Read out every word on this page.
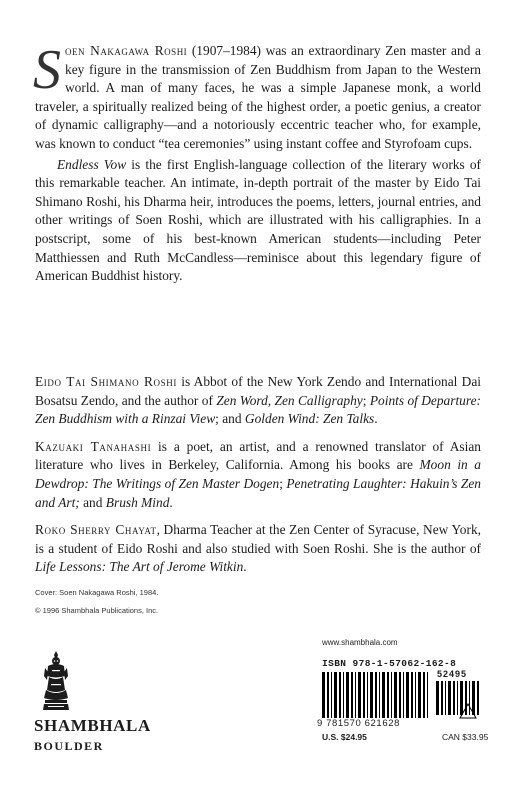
Soen Nakagawa Roshi (1907–1984) was an extraordinary Zen master and a key figure in the transmission of Zen Buddhism from Japan to the Western world. A man of many faces, he was a simple Japanese monk, a world traveler, a spiritually realized being of the highest order, a poetic genius, a creator of dynamic calligraphy—and a notoriously eccentric teacher who, for example, was known to conduct “tea ceremonies” using instant coffee and Styrofoam cups.

Endless Vow is the first English-language collection of the literary works of this remarkable teacher. An intimate, in-depth portrait of the master by Eido Tai Shimano Roshi, his Dharma heir, introduces the poems, letters, journal entries, and other writings of Soen Roshi, which are illustrated with his calligraphies. In a postscript, some of his best-known American students—including Peter Matthiessen and Ruth McCandless—reminisce about this legendary figure of American Buddhist history.

Eido Tai Shimano Roshi is Abbot of the New York Zendo and International Dai Bosatsu Zendo, and the author of Zen Word, Zen Calligraphy; Points of Departure: Zen Buddhism with a Rinzai View; and Golden Wind: Zen Talks.

Kazuaki Tanahashi is a poet, an artist, and a renowned translator of Asian literature who lives in Berkeley, California. Among his books are Moon in a Dewdrop: The Writings of Zen Master Dogen; Penetrating Laughter: Hakuin’s Zen and Art; and Brush Mind.

Roko Sherry Chayat, Dharma Teacher at the Zen Center of Syracuse, New York, is a student of Eido Roshi and also studied with Soen Roshi. She is the author of Life Lessons: The Art of Jerome Witkin.

Cover: Soen Nakagawa Roshi, 1984.
© 1996 Shambhala Publications, Inc.
SHAMBHALA
BOULDER
www.shambhala.com
ISBN 978-1-57062-162-8
52495
9 781570 621628
U.S. $24.95	CAN $33.95
